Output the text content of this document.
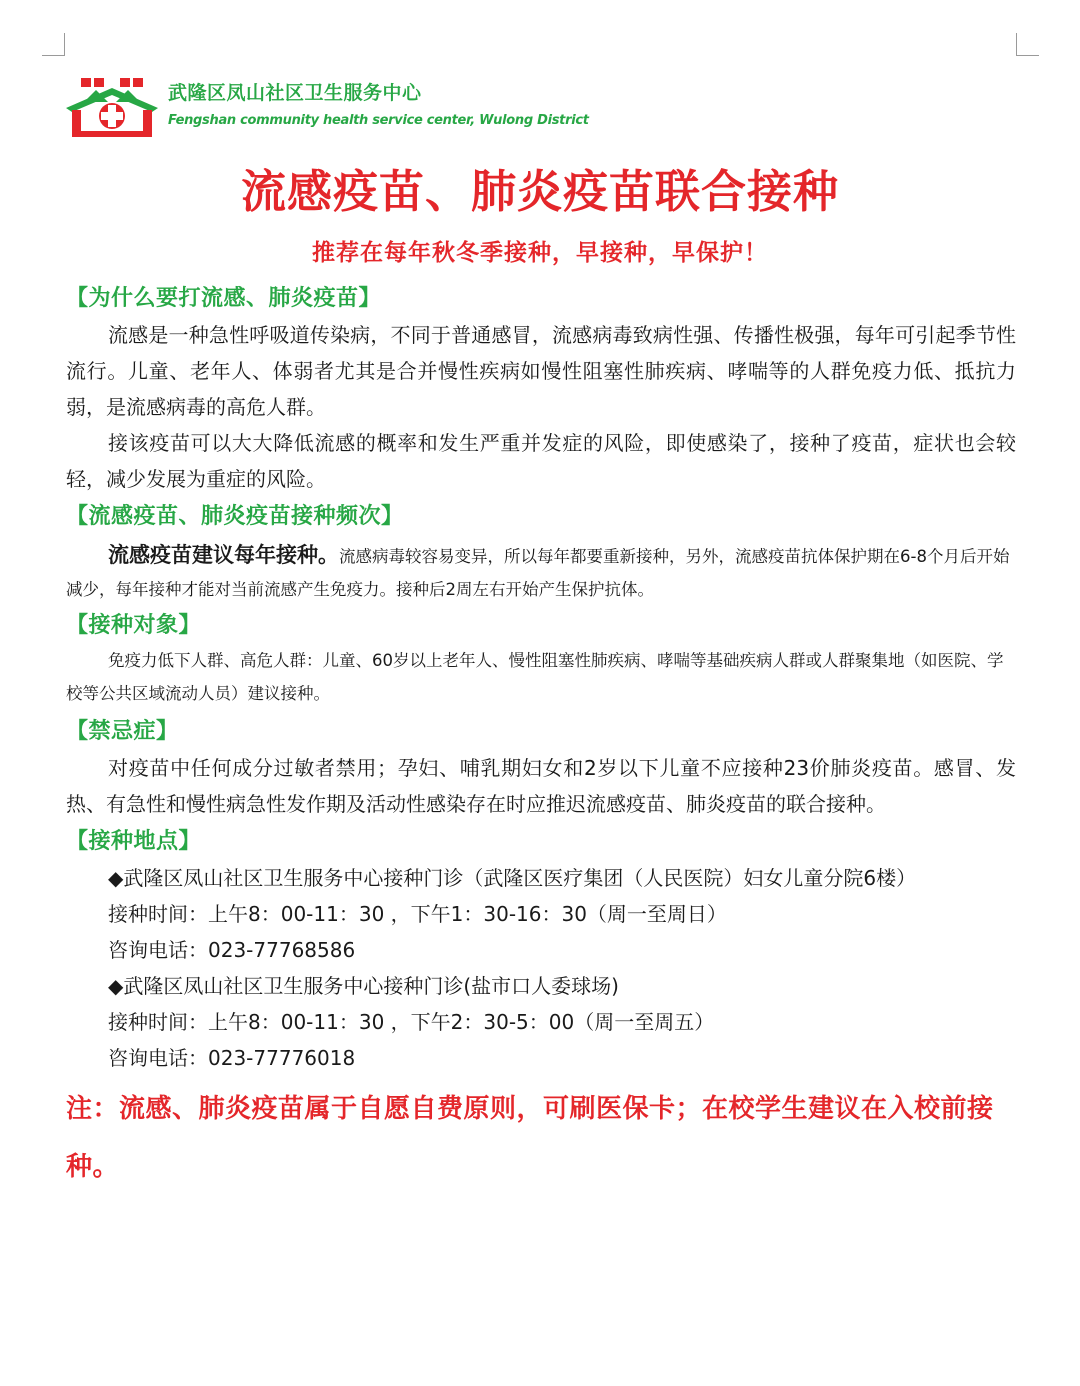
武隆区凤山社区卫生服务中心
Fengshan community health service center, Wulong District
流感疫苗、肺炎疫苗联合接种
推荐在每年秋冬季接种，早接种，早保护！
【为什么要打流感、肺炎疫苗】

流感是一种急性呼吸道传染病，不同于普通感冒，流感病毒致病性强、传播性极强，每年可引起季节性流行。儿童、老年人、体弱者尤其是合并慢性疾病如慢性阻塞性肺疾病、哮喘等的人群免疫力低、抵抗力弱，是流感病毒的高危人群。

接该疫苗可以大大降低流感的概率和发生严重并发症的风险，即使感染了，接种了疫苗，症状也会较轻，减少发展为重症的风险。

【流感疫苗、肺炎疫苗接种频次】

流感疫苗建议每年接种。流感病毒较容易变异，所以每年都要重新接种，另外，流感疫苗抗体保护期在6-8个月后开始减少，每年接种才能对当前流感产生免疫力。接种后2周左右开始产生保护抗体。

【接种对象】

免疫力低下人群、高危人群：儿童、60岁以上老年人、慢性阻塞性肺疾病、哮喘等基础疾病人群或人群聚集地（如医院、学校等公共区域流动人员）建议接种。

【禁忌症】

对疫苗中任何成分过敏者禁用；孕妇、哺乳期妇女和2岁以下儿童不应接种23价肺炎疫苗。感冒、发热、有急性和慢性病急性发作期及活动性感染存在时应推迟流感疫苗、肺炎疫苗的联合接种。

【接种地点】

◆武隆区凤山社区卫生服务中心接种门诊（武隆区医疗集团（人民医院）妇女儿童分院6楼）

接种时间：上午8：00-11：30 ，下午1：30-16：30（周一至周日）
咨询电话：023-77768586

◆武隆区凤山社区卫生服务中心接种门诊(盐市口人委球场)

接种时间：上午8：00-11：30 ，下午2：30-5：00（周一至周五）
咨询电话：023-77776018
注：流感、肺炎疫苗属于自愿自费原则，可刷医保卡；在校学生建议在入校前接种。
